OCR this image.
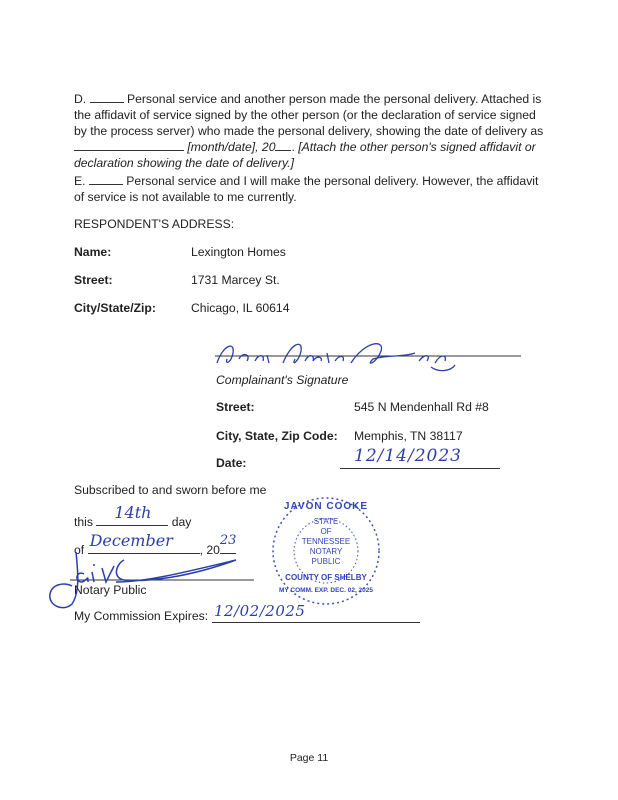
D.	Personal service and another person made the personal delivery. Attached is
the affidavit of service signed by the other person (or the declaration of service signed
by the process server) who made the personal delivery, showing the date of delivery as
[month/date], 20 . [Attach the other person's signed affidavit or
declaration showing the date of delivery.]
E.	Personal service and I will make the personal delivery. However, the affidavit
of service is not available to me currently.
RESPONDENT'S ADDRESS:
Name:	Lexington Homes
Street:	1731 Marcey St.
City/State/Zip:	Chicago, IL 60614
Complainant's Signature
Street:	545 N Mendenhall Rd #8
City, State, Zip Code: Memphis, TN 38117
Date:	12/14/2023
Subscribed to and sworn before me
this 14th day
of December , 20
23
Notary Public
My Commission Expires: 12/02/2025
JAVON COOKE
STATE
OF
TENNESSEE
NOTARY
PUBLIC
COUNTY OF SHELBY
MY COMM. EXP. DEC. 02, 2025
Page 11
